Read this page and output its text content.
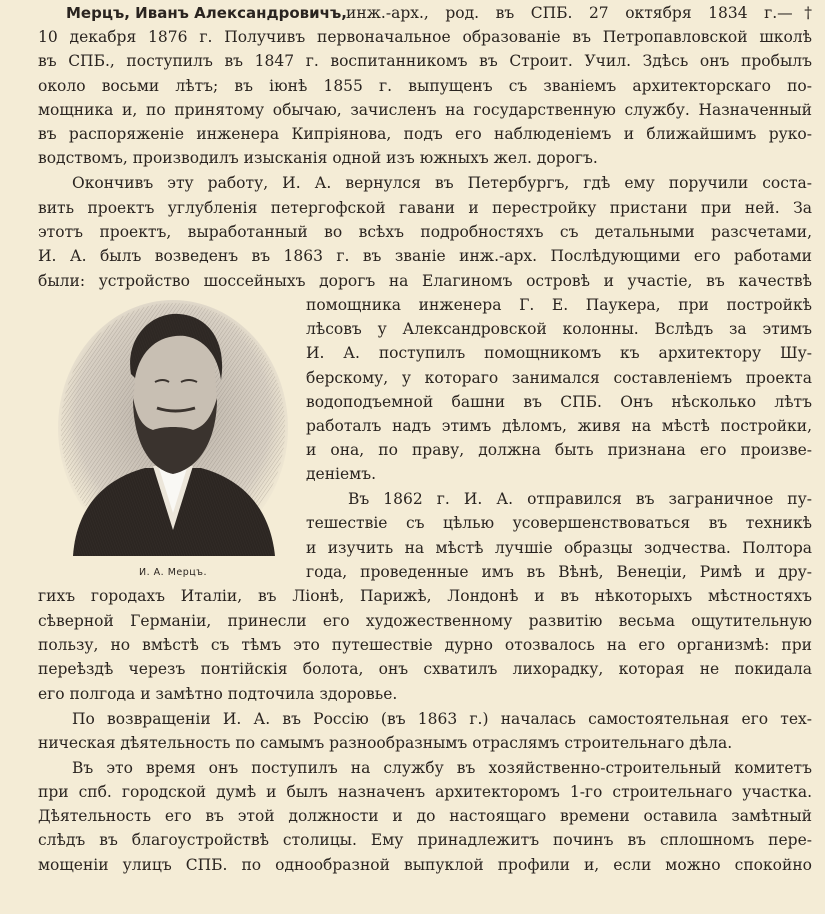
Мерцъ, Иванъ Александровичъ, инж.-арх., род. въ СПБ. 27 октября 1834 г.—†
10 декабря 1876 г. Получивъ первоначальное образованіе въ Петропавловской школѣ
въ СПБ., поступилъ въ 1847 г. воспитанникомъ въ Строит. Учил. Здѣсь онъ пробылъ
около восьми лѣтъ; въ іюнѣ 1855 г. выпущенъ съ званіемъ архитекторскаго по-
мощника и, по принятому обычаю, зачисленъ на государственную службу. Назначенный
въ распоряженіе инженера Кипріянова, подъ его наблюденіемъ и ближайшимъ руко-
водствомъ, производилъ изысканія одной изъ южныхъ жел. дорогъ.
Окончивъ эту работу, И. А. вернулся въ Петербургъ, гдѣ ему поручили соста-
вить проектъ углубленія петергофской гавани и перестройку пристани при ней. За
этотъ проектъ, выработанный во всѣхъ подробностяхъ съ детальными разсчетами,
И. А. былъ возведенъ въ 1863 г. въ званіе инж.-арх. Послѣдующими его работами
были: устройство шоссейныхъ дорогъ на Елагиномъ островѣ и участіе, въ качествѣ
помощника инженера Г. Е. Паукера, при постройкѣ
лѣсовъ у Александровской колонны. Вслѣдъ за этимъ
И. А. поступилъ помощникомъ къ архитектору Шу-
берскому, у котораго занимался составленіемъ проекта
водоподъемной башни въ СПБ. Онъ нѣсколько лѣтъ
работалъ надъ этимъ дѣломъ, живя на мѣстѣ постройки,
и она, по праву, должна быть признана его произве-
деніемъ.
Въ 1862 г. И. А. отправился въ заграничное пу-
тешествіе съ цѣлью усовершенствоваться въ техникѣ
и изучить на мѣстѣ лучшіе образцы зодчества. Полтора
года, проведенные имъ въ Вѣнѣ, Венеціи, Римѣ и дру-
гихъ городахъ Италіи, въ Ліонѣ, Парижѣ, Лондонѣ и въ нѣкоторыхъ мѣстностяхъ
сѣверной Германіи, принесли его художественному развитію весьма ощутительную
пользу, но вмѣстѣ съ тѣмъ это путешествіе дурно отозвалось на его организмѣ: при
переѣздѣ черезъ понтійскія болота, онъ схватилъ лихорадку, которая не покидала
его полгода и замѣтно подточила здоровье.
По возвращеніи И. А. въ Россію (въ 1863 г.) началась самостоятельная его тех-
ническая дѣятельность по самымъ разнообразнымъ отраслямъ строительнаго дѣла.
Въ это время онъ поступилъ на службу въ хозяйственно-строительный комитетъ
при спб. городской думѣ и былъ назначенъ архитекторомъ 1-го строительнаго участка.
Дѣятельность его въ этой должности и до настоящаго времени оставила замѣтный
слѣдъ въ благоустройствѣ столицы. Ему принадлежитъ починъ въ сплошномъ пере-
мощеніи улицъ СПБ. по однообразной выпуклой профили и, если можно спокойно
И. А. Мерцъ.
